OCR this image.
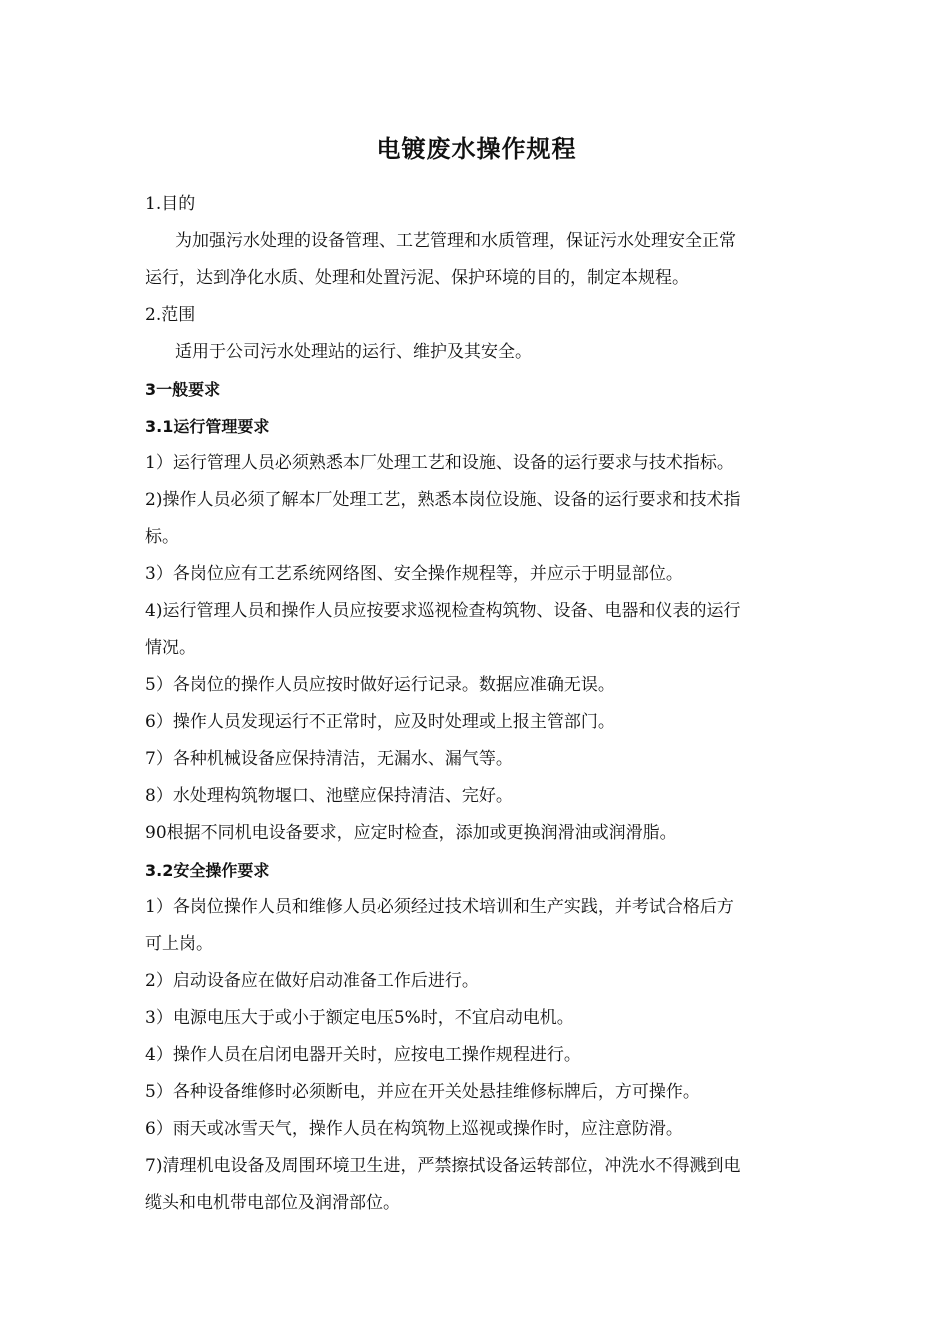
电镀废水操作规程

1.目的

为加强污水处理的设备管理、工艺管理和水质管理，保证污水处理安全正常

运行，达到净化水质、处理和处置污泥、保护环境的目的，制定本规程。

2.范围

适用于公司污水处理站的运行、维护及其安全。

3一般要求

3.1运行管理要求

1）运行管理人员必须熟悉本厂处理工艺和设施、设备的运行要求与技术指标。

2)操作人员必须了解本厂处理工艺，熟悉本岗位设施、设备的运行要求和技术指

标。

3）各岗位应有工艺系统网络图、安全操作规程等，并应示于明显部位。

4)运行管理人员和操作人员应按要求巡视检查构筑物、设备、电器和仪表的运行

情况。

5）各岗位的操作人员应按时做好运行记录。数据应准确无误。

6）操作人员发现运行不正常时，应及时处理或上报主管部门。

7）各种机械设备应保持清洁，无漏水、漏气等。

8）水处理构筑物堰口、池壁应保持清洁、完好。

90根据不同机电设备要求，应定时检查，添加或更换润滑油或润滑脂。

3.2安全操作要求

1）各岗位操作人员和维修人员必须经过技术培训和生产实践，并考试合格后方

可上岗。

2）启动设备应在做好启动准备工作后进行。

3）电源电压大于或小于额定电压5%时，不宜启动电机。

4）操作人员在启闭电器开关时，应按电工操作规程进行。

5）各种设备维修时必须断电，并应在开关处悬挂维修标牌后，方可操作。

6）雨天或冰雪天气，操作人员在构筑物上巡视或操作时，应注意防滑。

7)清理机电设备及周围环境卫生进，严禁擦拭设备运转部位，冲洗水不得溅到电

缆头和电机带电部位及润滑部位。
